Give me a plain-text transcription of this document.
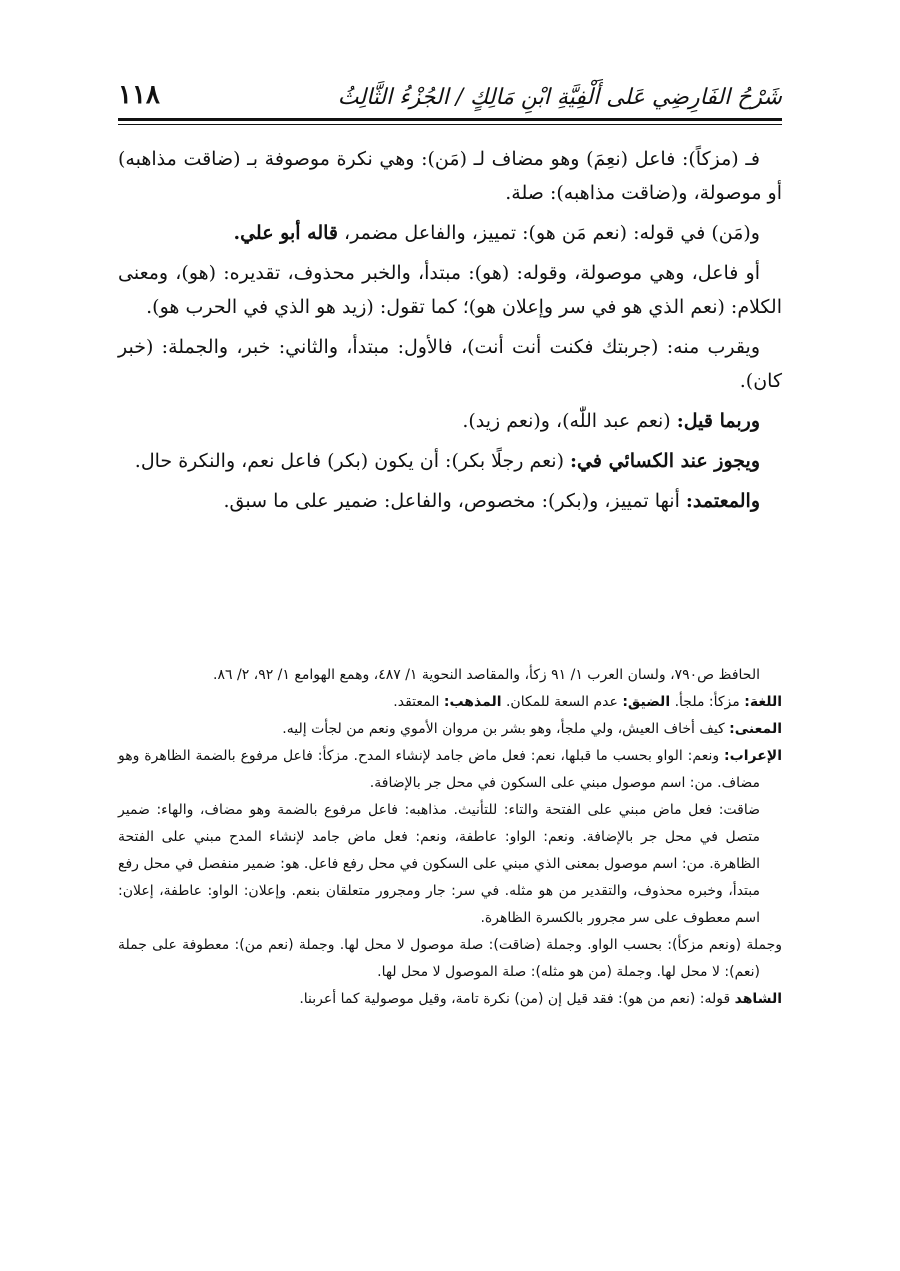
١١٨	شَرْحُ الفَارِضِي عَلى أَلْفِيَّةِ ابْنِ مَالِكٍ / الجُزْءُ الثَّالِثُ

فـ (مزكاً): فاعل (نعِمَ) وهو مضاف لـ (مَن): وهي نكرة موصوفة بـ (ضاقت مذاهبه) أو موصولة، و(ضاقت مذاهبه): صلة.

و(مَن) في قوله: (نعم مَن هو): تمييز، والفاعل مضمر، قاله أبو علي.

أو فاعل، وهي موصولة، وقوله: (هو): مبتدأ، والخبر محذوف، تقديره: (هو)، ومعنى الكلام: (نعم الذي هو في سر وإعلان هو)؛ كما تقول: (زيد هو الذي في الحرب هو).

ويقرب منه: (جربتك فكنت أنت أنت)، فالأول: مبتدأ، والثاني: خبر، والجملة: (خبر كان).

وربما قيل: (نعم عبد اللّٰه)، و(نعم زيد).

ويجوز عند الكسائي في: (نعم رجلًا بكر): أن يكون (بكر) فاعل نعم، والنكرة حال.

والمعتمد: أنها تمييز، و(بكر): مخصوص، والفاعل: ضمير على ما سبق.

الحافظ ص٧٩٠، ولسان العرب ١/ ٩١ زكأ، والمقاصد النحوية ١/ ٤٨٧، وهمع الهوامع ١/ ٩٢، ٢/ ٨٦.

اللغة: مزكأ: ملجأ. الضيق: عدم السعة للمكان. المذهب: المعتقد.

المعنى: كيف أخاف العيش، ولي ملجأ، وهو بشر بن مروان الأموي ونعم من لجأت إليه.

الإعراب: ونعم: الواو بحسب ما قبلها، نعم: فعل ماض جامد لإنشاء المدح. مزكأ: فاعل مرفوع بالضمة الظاهرة وهو مضاف. من: اسم موصول مبني على السكون في محل جر بالإضافة.

ضاقت: فعل ماض مبني على الفتحة والتاء: للتأنيث. مذاهبه: فاعل مرفوع بالضمة وهو مضاف، والهاء: ضمير متصل في محل جر بالإضافة. ونعم: الواو: عاطفة، ونعم: فعل ماض جامد لإنشاء المدح مبني على الفتحة الظاهرة. من: اسم موصول بمعنى الذي مبني على السكون في محل رفع فاعل. هو: ضمير منفصل في محل رفع مبتدأ، وخبره محذوف، والتقدير من هو مثله. في سر: جار ومجرور متعلقان بنعم. وإعلان: الواو: عاطفة، إعلان: اسم معطوف على سر مجرور بالكسرة الظاهرة.

وجملة (ونعم مزكأ): بحسب الواو. وجملة (ضاقت): صلة موصول لا محل لها. وجملة (نعم من): معطوفة على جملة (نعم): لا محل لها. وجملة (من هو مثله): صلة الموصول لا محل لها.

الشاهد قوله: (نعم من هو): فقد قيل إن (من) نكرة تامة، وقيل موصولية كما أعربنا.
